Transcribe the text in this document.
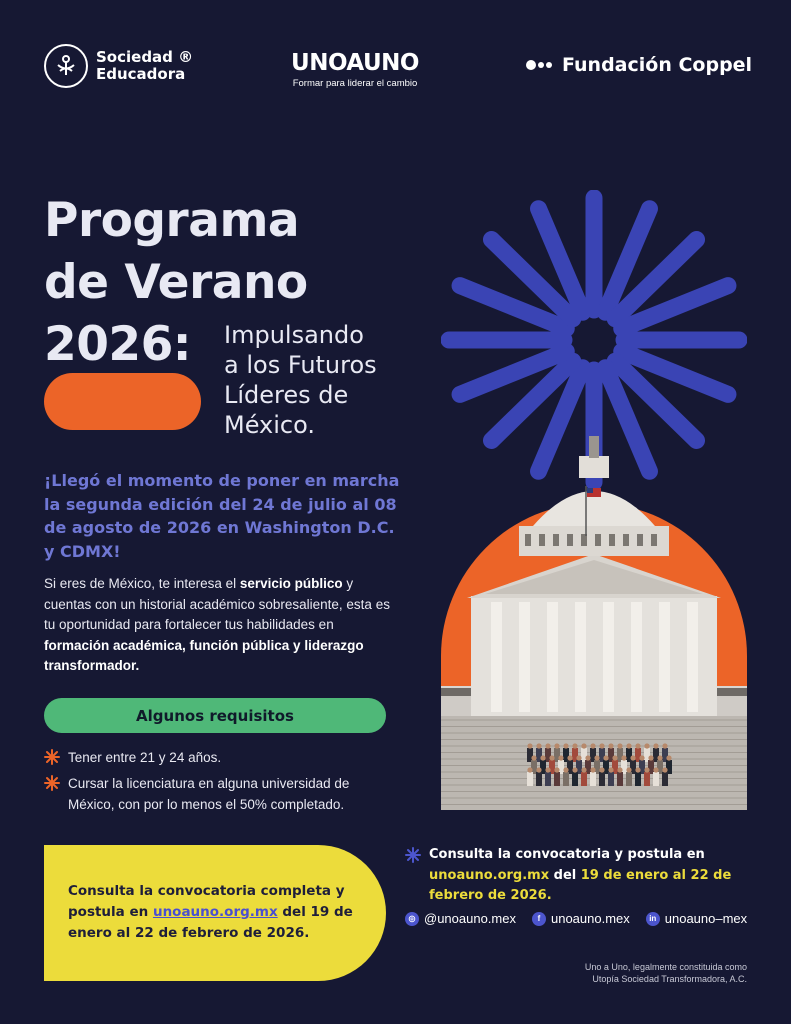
Sociedad ®
Educadora	UNOAUNO
Formar para liderar el cambio
Fundación Coppel
Programa
de Verano
2026:	Impulsando
a los Futuros
Líderes de
México.
¡Llegó el momento de poner en marcha la segunda edición del 24 de julio al 08 de agosto de 2026 en Washington D.C. y CDMX!
Si eres de México, te interesa el servicio público y cuentas con un historial académico sobresaliente, esta es tu oportunidad para fortalecer tus habilidades en formación académica, función pública y liderazgo transformador.
Algunos requisitos
Tener entre 21 y 24 años.
Cursar la licenciatura en alguna universidad de México, con por lo menos el 50% completado.
Consulta la convocatoria completa y postula en unoauno.org.mx del 19 de enero al 22 de febrero de 2026.
Consulta la convocatoria y postula en unoauno.org.mx del 19 de enero al 22 de febrero de 2026.
◎ @unoauno.mex	f unoauno.mex	in unoauno–mex
Uno a Uno, legalmente constituida como
Utopía Sociedad Transformadora, A.C.
